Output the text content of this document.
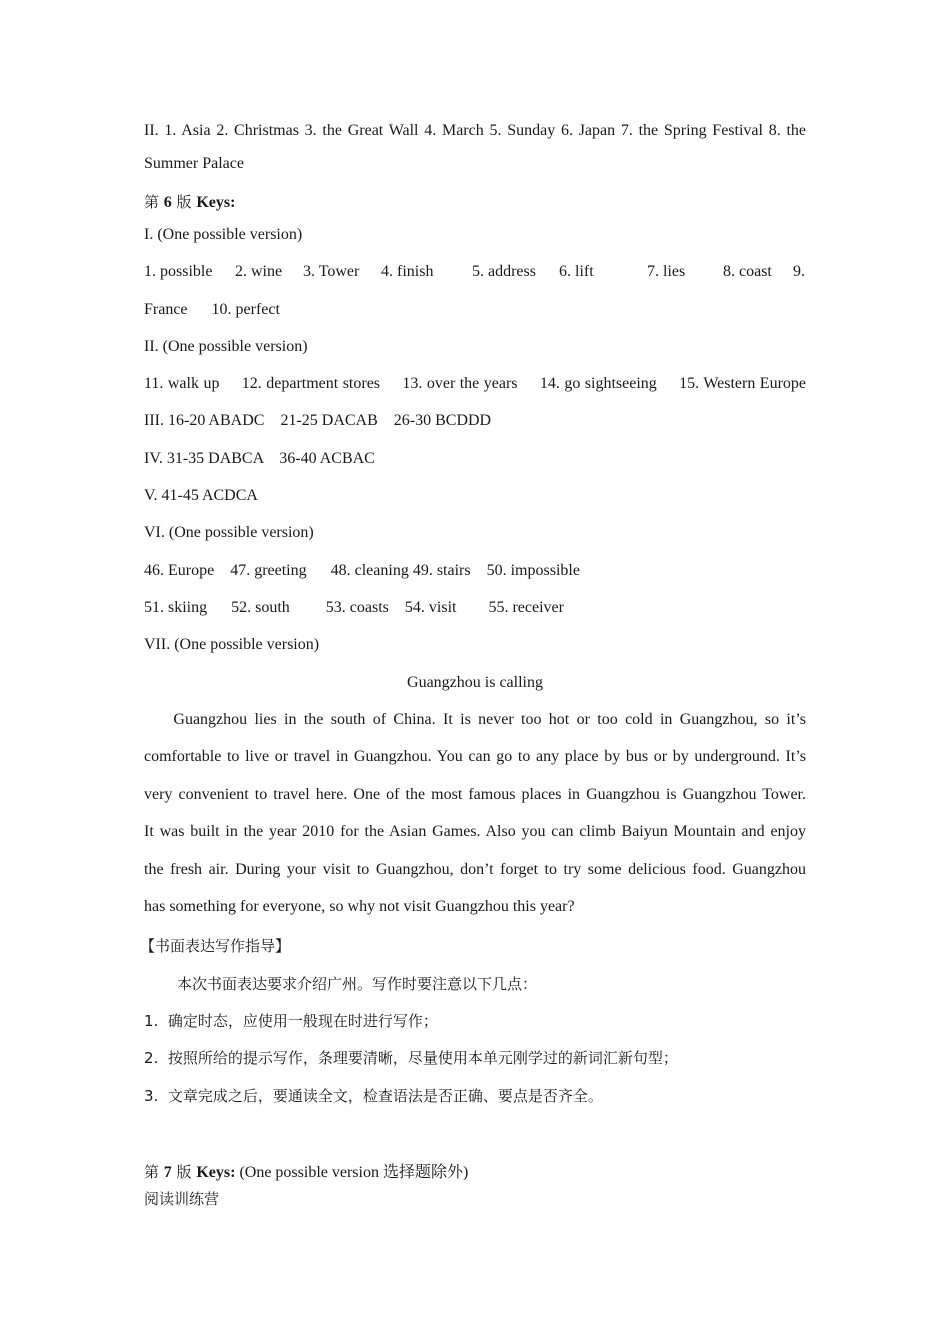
II. 1. Asia 2. Christmas 3. the Great Wall 4. March 5. Sunday 6. Japan 7. the Spring Festival 8. the
Summer Palace
第 6 版 Keys:
I. (One possible version)
1. possible 2. wine 3. Tower 4. finish 5. address 6. lift	7. lies 8. coast 9.
France      10. perfect
II. (One possible version)
11. walk up 12. department stores 13. over the years 14. go sightseeing 15. Western Europe
III. 16-20 ABADC    21-25 DACAB    26-30 BCDDD
IV. 31-35 DABCA    36-40 ACBAC
V. 41-45 ACDCA
VI. (One possible version)
46. Europe    47. greeting      48. cleaning 49. stairs    50. impossible
51. skiing      52. south         53. coasts    54. visit        55. receiver
VII. (One possible version)
Guangzhou is calling
Guangzhou lies in the south of China. It is never too hot or too cold in Guangzhou, so it’s
comfortable to live or travel in Guangzhou. You can go to any place by bus or by underground. It’s
very convenient to travel here. One of the most famous places in Guangzhou is Guangzhou Tower.
It was built in the year 2010 for the Asian Games. Also you can climb Baiyun Mountain and enjoy
the fresh air. During your visit to Guangzhou, don’t forget to try some delicious food. Guangzhou
has something for everyone, so why not visit Guangzhou this year?
【书面表达写作指导】
本次书面表达要求介绍广州。写作时要注意以下几点：
1.  确定时态，应使用一般现在时进行写作；
2.  按照所给的提示写作，条理要清晰，尽量使用本单元刚学过的新词汇新句型；
3.  文章完成之后，要通读全文，检查语法是否正确、要点是否齐全。
第 7 版 Keys: (One possible version 选择题除外)
阅读训练营
